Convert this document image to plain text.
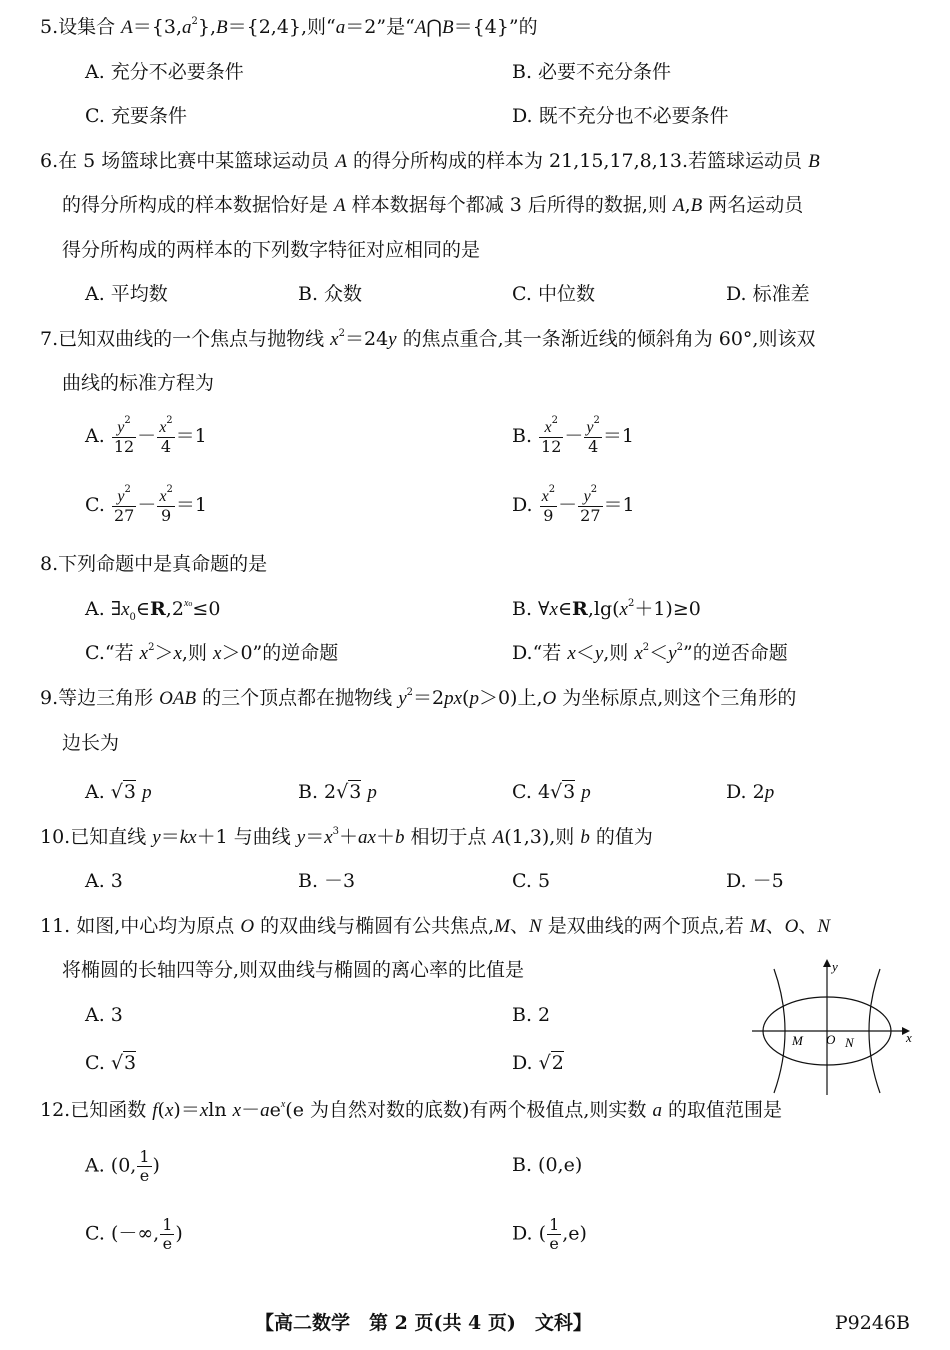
5.设集合 $A=\{3,a^2\},B=\{2,4\}$,则“a＝2”是“A⋂B＝{4}”的
A. 充分不必要条件	B. 必要不充分条件
C. 充要条件	D. 既不充分也不必要条件
6.在 5 场篮球比赛中某篮球运动员 A 的得分所构成的样本为 21,15,17,8,13.若篮球运动员 B
的得分所构成的样本数据恰好是 A 样本数据每个都减 3 后所得的数据,则 A,B 两名运动员
得分所构成的两样本的下列数字特征对应相同的是
A. 平均数	B. 众数	C. 中位数	D. 标准差
7.已知双曲线的一个焦点与抛物线 $x^2=24y$ 的焦点重合,其一条渐近线的倾斜角为 60°,则该双
曲线的标准方程为
A. $\frac{y^2}{12} - \frac{x^2}{4} =1$	B. $\frac{x^2}{12} - \frac{y^2}{4} =1$
C. $\frac{y^2}{27} - \frac{x^2}{9} =1$	D. $\frac{x^2}{9} - \frac{y^2}{27} =1$
8.下列命题中是真命题的是
A. $\exists x_0\in R,2^{x_0}\le 0$	B. $\forall x\in R,\lg(x^2+1)\ge 0$
C.“若 $x^2>x$,则 x＞0”的逆命题	D.“若 x＜y,则 $x^2<y^2$”的逆否命题
9.等边三角形 OAB 的三个顶点都在抛物线 $y^2=2px(p>0)$上,O 为坐标原点,则这个三角形的
边长为
A. √3 p	B. 2√3 p	C. 4√3 p	D. 2p
10.已知直线 y＝kx＋1 与曲线 $y=x^3+ax+b$ 相切于点 A(1,3),则 b 的值为
A. 3	B. －3	C. 5	D. －5
11. 如图,中心均为原点 O 的双曲线与椭圆有公共焦点,M、N 是双曲线的两个顶点,若 M、O、N
将椭圆的长轴四等分,则双曲线与椭圆的离心率的比值是
A. 3	B. 2
C. √3	D. √2
x
y
M O N
12.已知函数 f(x)＝xln $x-ae^x(e$ 为自然对数的底数)有两个极值点,则实数 a 的取值范围是
A. (0, $\frac{1}{e}$ )	B. (0,e)
C. (－∞, $\frac{1}{e}$ )	D. ( $\frac{1}{e} ,e$)
【高二数学　第 2 页(共 4 页)　文科】	P9246B
